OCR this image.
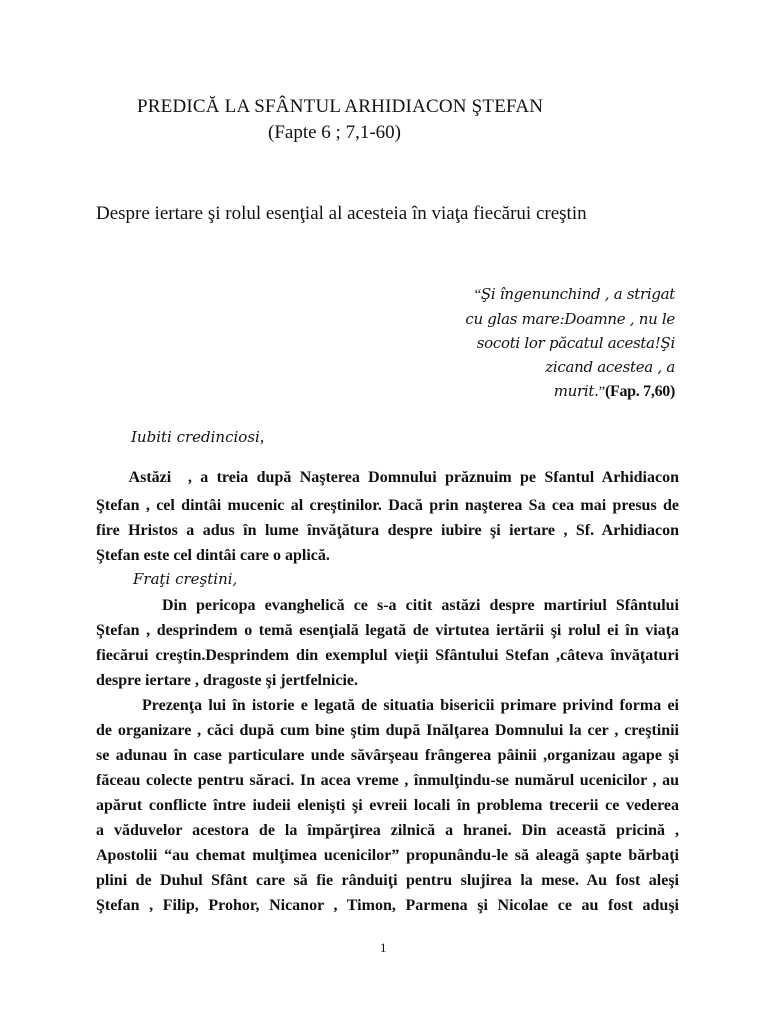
PREDICĂ LA SFÂNTUL ARHIDIACON ŞTEFAN
(Fapte 6 ; 7,1-60)
Despre iertare şi rolul esenţial al acesteia în viaţa fiecărui creştin
“Şi îngenunchind , a strigat
cu glas mare:Doamne , nu le
socoti lor păcatul acesta!Şi
zicand acestea , a
murit.”(Fap. 7,60)
Iubiti credinciosi,
Astăzi  , a treia după Naşterea Domnului prăznuim pe Sfantul Arhidiacon
Ştefan , cel dintâi mucenic al creştinilor. Dacă prin naşterea Sa cea mai presus de
fire Hristos a adus în lume învăţătura despre iubire şi iertare , Sf. Arhidiacon
Ştefan este cel dintâi care o aplică.
Fraţi creştini,
Din pericopa evanghelică ce s-a citit astăzi despre martiriul Sfântului
Ştefan , desprindem o temă esenţială legată de virtutea iertării şi rolul ei în viaţa
fiecărui creştin.Desprindem din exemplul vieţii Sfântului Stefan ,câteva învăţaturi
despre iertare , dragoste şi jertfelnicie.
Prezenţa lui în istorie e legată de situatia bisericii primare privind forma ei
de organizare , căci după cum bine ştim după Inălţarea Domnului la cer , creştinii
se adunau în case particulare unde săvârşeau frângerea pâinii ,organizau agape şi
făceau colecte pentru săraci. In acea vreme , înmulţindu-se numărul ucenicilor , au
apărut conflicte între iudeii elenişti şi evreii locali în problema trecerii ce vederea
a văduvelor acestora de la împărţirea zilnică a hranei. Din această pricină ,
Apostolii “au chemat mulţimea ucenicilor” propunându-le să aleagă şapte bărbaţi
plini de Duhul Sfânt care să fie rânduiţi pentru slujirea la mese. Au fost aleşi
Ştefan , Filip, Prohor, Nicanor , Timon, Parmena şi Nicolae ce au fost aduşi
1
